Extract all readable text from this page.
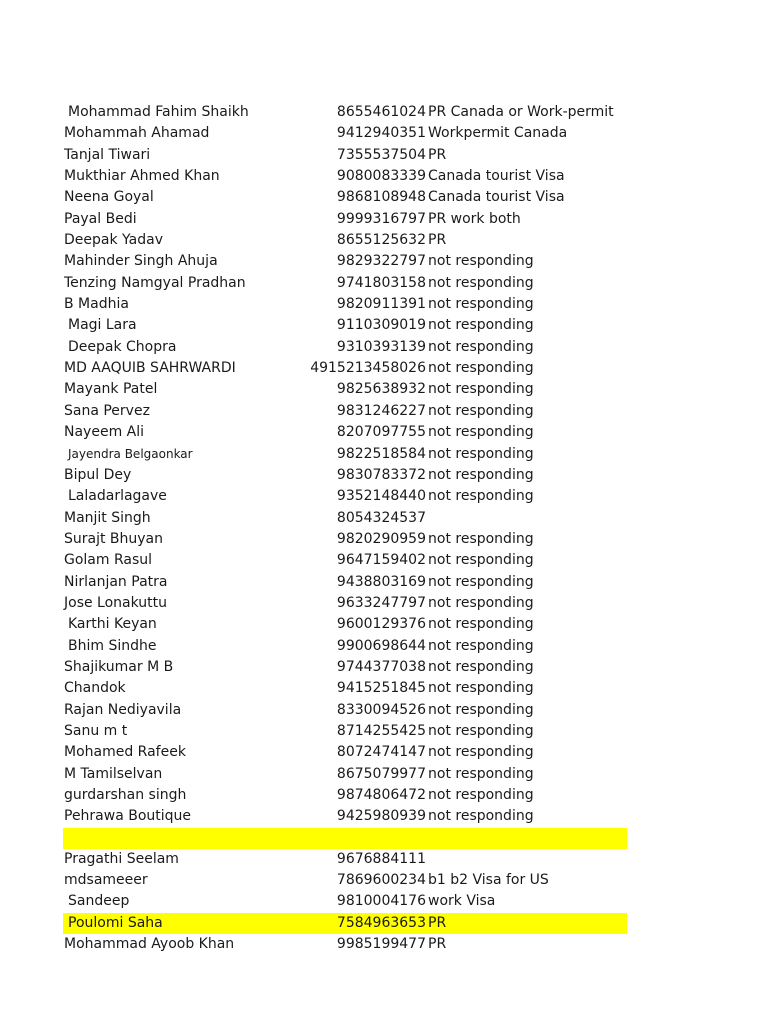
Mohammad Fahim Shaikh	8655461024 PR Canada or Work-permit
Mohammah Ahamad	9412940351 Workpermit Canada
Tanjal Tiwari	7355537504 PR
Mukthiar Ahmed Khan	9080083339 Canada tourist Visa
Neena Goyal	9868108948 Canada tourist Visa
Payal Bedi	9999316797 PR work both
Deepak Yadav	8655125632 PR
Mahinder Singh Ahuja	9829322797 not responding
Tenzing Namgyal Pradhan	9741803158 not responding
B Madhia	9820911391 not responding
Magi Lara	9110309019 not responding
Deepak Chopra	9310393139 not responding
MD AAQUIB SAHRWARDI	4915213458026 not responding
Mayank Patel	9825638932 not responding
Sana Pervez	9831246227 not responding
Nayeem Ali	8207097755 not responding
Jayendra Belgaonkar	9822518584 not responding
Bipul Dey	9830783372 not responding
Laladarlagave	9352148440 not responding
Manjit Singh	8054324537
Surajt Bhuyan	9820290959 not responding
Golam Rasul	9647159402 not responding
Nirlanjan Patra	9438803169 not responding
Jose Lonakuttu	9633247797 not responding
Karthi Keyan	9600129376 not responding
Bhim Sindhe	9900698644 not responding
Shajikumar M B	9744377038 not responding
Chandok	9415251845 not responding
Rajan Nediyavila	8330094526 not responding
Sanu m t	8714255425 not responding
Mohamed Rafeek	8072474147 not responding
M Tamilselvan	8675079977 not responding
gurdarshan singh	9874806472 not responding
Pehrawa Boutique	9425980939 not responding
Pragathi Seelam	9676884111
mdsameeer	7869600234 b1 b2 Visa for US
Sandeep	9810004176 work Visa
Poulomi Saha	7584963653 PR
Mohammad Ayoob Khan	9985199477 PR
